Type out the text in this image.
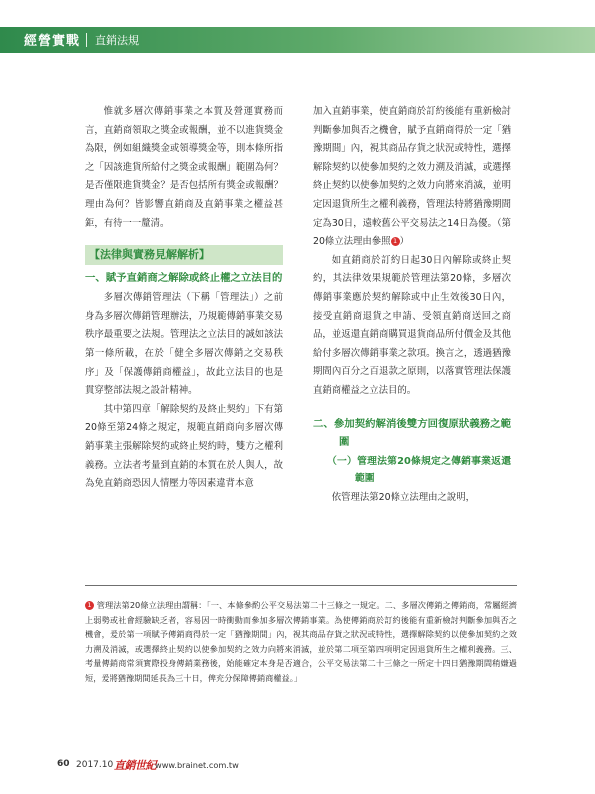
經營實戰 直銷法規

惟就多層次傳銷事業之本質及營運實務而言，直銷商領取之獎金或報酬，並不以進貨獎金為限，例如組織獎金或領導獎金等，則本條所指之「因該進貨所給付之獎金或報酬」範圍為何？是否僅限進貨獎金？是否包括所有獎金或報酬？理由為何？皆影響直銷商及直銷事業之權益甚鉅，有待一一釐清。

【法律與實務見解解析】
一、賦予直銷商之解除或終止權之立法目的

多層次傳銷管理法（下稱「管理法」）之前身為多層次傳銷管理辦法，乃規範傳銷事業交易秩序最重要之法規。管理法之立法目的誠如該法第一條所載，在於「健全多層次傳銷之交易秩序」及「保護傳銷商權益」，故此立法目的也是貫穿整部法規之設計精神。

其中第四章「解除契約及終止契約」下有第20條至第24條之規定，規範直銷商向多層次傳銷事業主張解除契約或終止契約時，雙方之權利義務。立法者考量到直銷的本質在於人與人，故為免直銷商恐因人情壓力等因素違背本意

加入直銷事業，使直銷商於訂約後能有重新檢討判斷參加與否之機會，賦予直銷商得於一定「猶豫期間」內，視其商品存貨之狀況或特性，選擇解除契約以使參加契約之效力溯及消滅，或選擇終止契約以使參加契約之效力向將來消滅，並明定因退貨所生之權利義務，管理法特將猶豫期間定為30日，遠較舊公平交易法之14日為優。（第20條立法理由參照 1 ）

如直銷商於訂約日起30日內解除或終止契約，其法律效果規範於管理法第20條，多層次傳銷事業應於契約解除或中止生效後30日內，接受直銷商退貨之申請、受領直銷商送回之商品，並返還直銷商購買退貨商品所付價金及其他給付多層次傳銷事業之款項。換言之，透過猶豫期間內百分之百退款之原則，以落實管理法保護直銷商權益之立法目的。

二、參加契約解消後雙方回復原狀義務之範圍
（一）管理法第20條規定之傳銷事業返還範圍

依管理法第20條立法理由之說明，

1 管理法第20條立法理由謂稱：「一、本條參酌公平交易法第二十三條之一規定。二、多層次傳銷之傳銷商，常屬經濟上弱勢或社會經驗缺乏者，容易因一時衝動而參加多層次傳銷事業。為使傳銷商於訂約後能有重新檢討判斷參加與否之機會，爰於第一項賦予傳銷商得於一定「猶豫期間」內，視其商品存貨之狀況或特性，選擇解除契約以使參加契約之效力溯及消滅，或選擇終止契約以使參加契約之效力向將來消滅，並於第二項至第四項明定因退貨所生之權利義務。三、考量傳銷商常須實際投身傳銷業務後，始能確定本身是否適合，公平交易法第二十三條之一所定十四日猶豫期間稍嫌過短，爰將猶豫期間延長為三十日，俾充分保障傳銷商權益。」
60 2017.10 直銷世紀 www.brainet.com.tw
